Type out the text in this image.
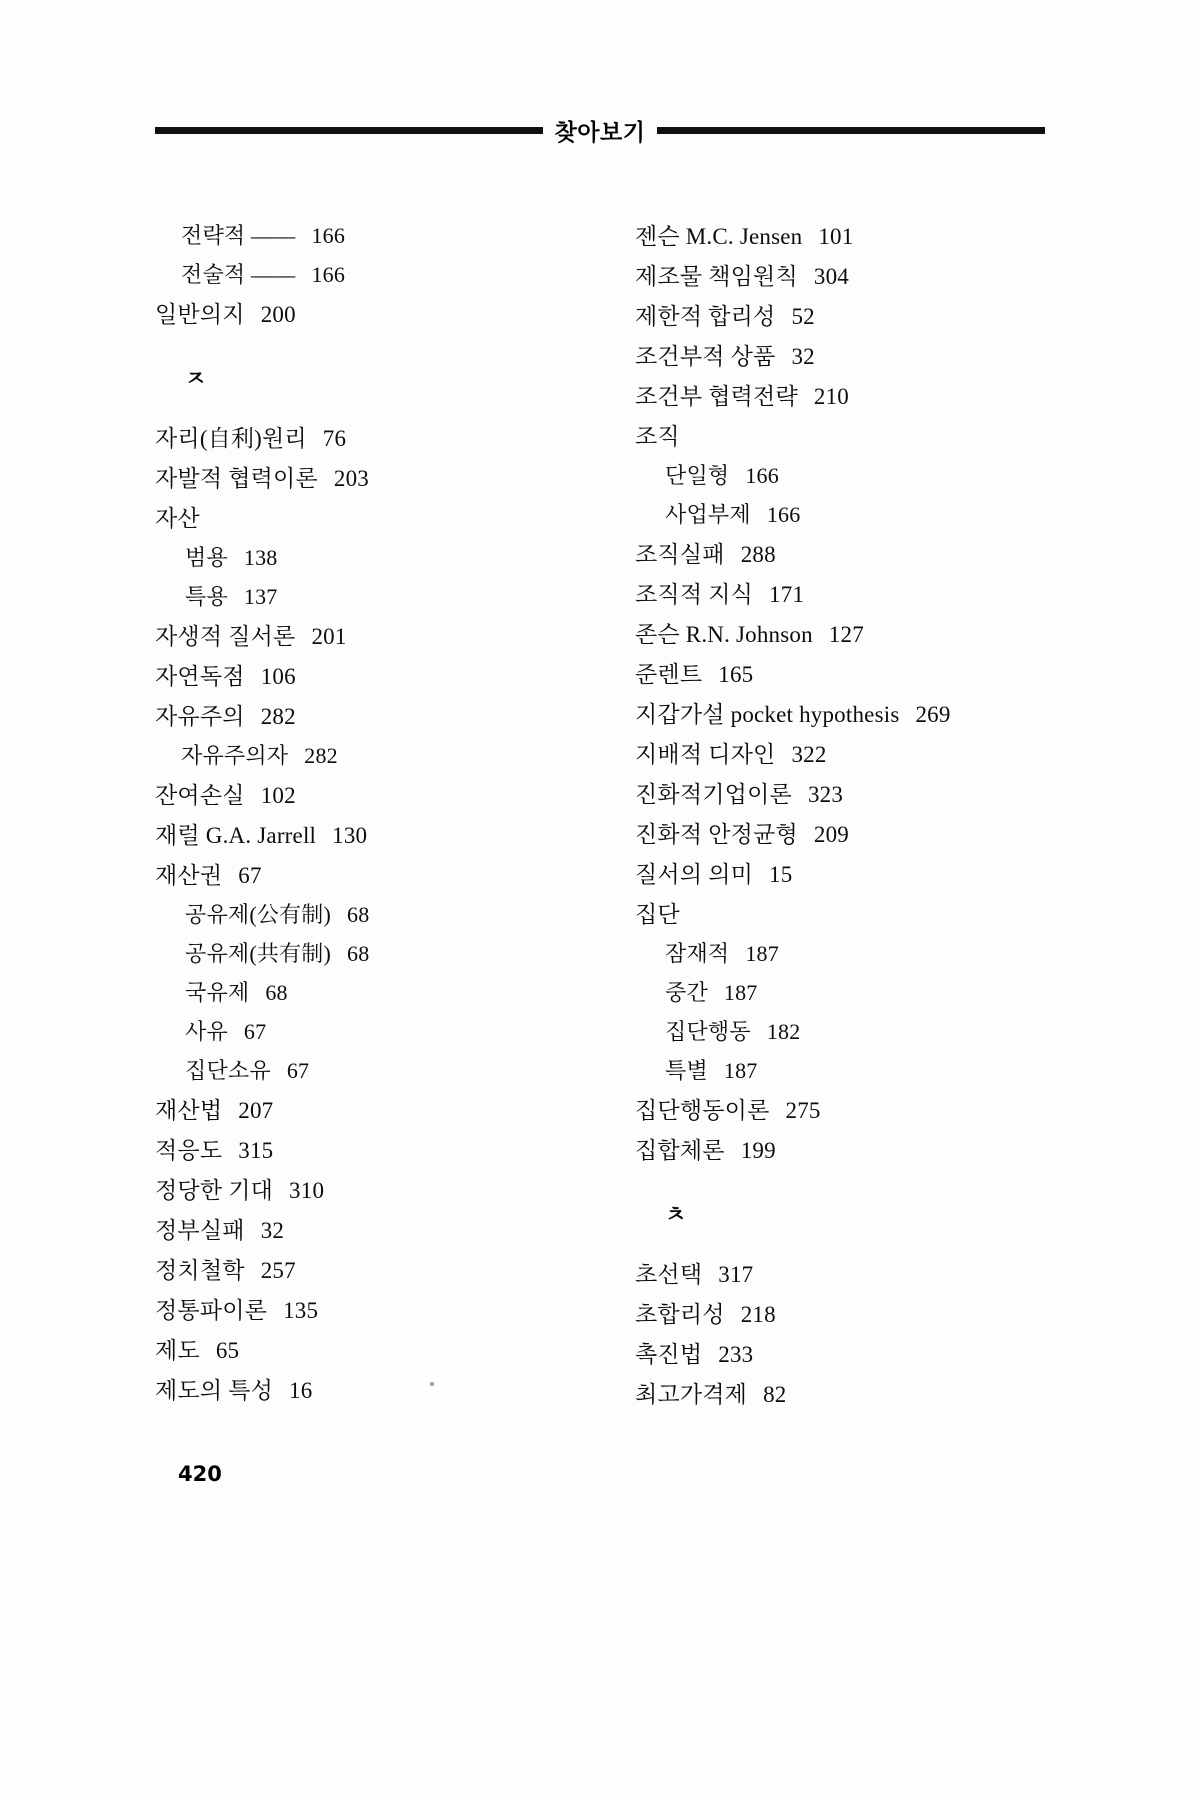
찾아보기
전략적 —— 166
전술적 —— 166
일반의지 200
ㅈ
자리(自利)원리 76
자발적 협력이론 203
자산
범용 138
특용 137
자생적 질서론 201
자연독점 106
자유주의 282
자유주의자 282
잔여손실 102
재럴 G.A. Jarrell 130
재산권 67
공유제(公有制) 68
공유제(共有制) 68
국유제 68
사유 67
집단소유 67
재산법 207
적응도 315
정당한 기대 310
정부실패 32
정치철학 257
정통파이론 135
제도 65
제도의 특성 16
젠슨 M.C. Jensen 101
제조물 책임원칙 304
제한적 합리성 52
조건부적 상품 32
조건부 협력전략 210
조직
단일형 166
사업부제 166
조직실패 288
조직적 지식 171
존슨 R.N. Johnson 127
준렌트 165
지갑가설 pocket hypothesis 269
지배적 디자인 322
진화적기업이론 323
진화적 안정균형 209
질서의 의미 15
집단
잠재적 187
중간 187
집단행동 182
특별 187
집단행동이론 275
집합체론 199
ㅊ
초선택 317
초합리성 218
촉진법 233
최고가격제 82
420
